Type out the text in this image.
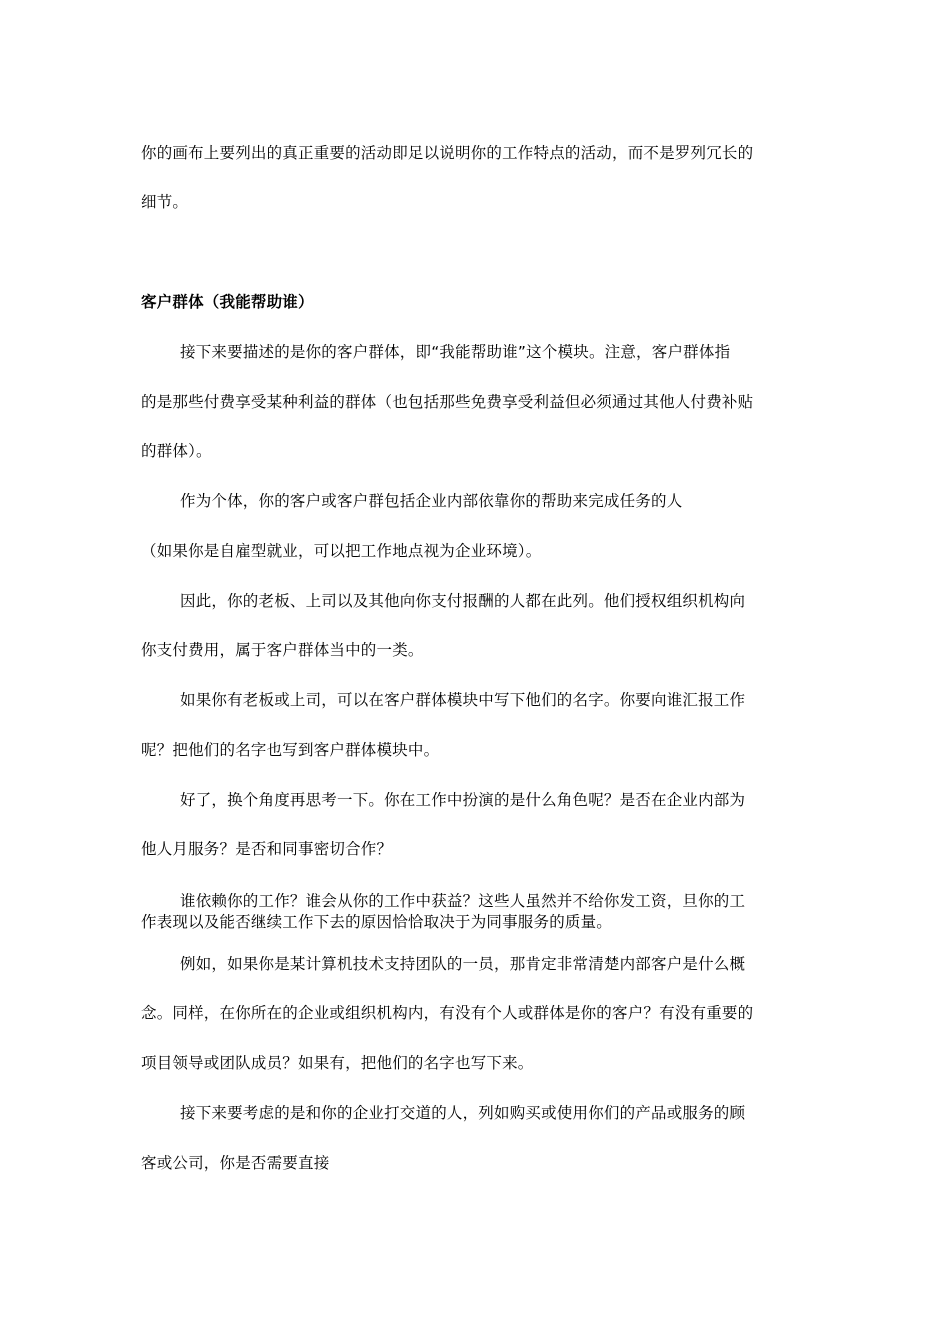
你的画布上要列出的真正重要的活动即足以说明你的工作特点的活动，而不是罗列冗长的
细节。
客户群体（我能帮助谁）
接下来要描述的是你的客户群体，即“我能帮助谁”这个模块。注意，客户群体指
的是那些付费享受某种利益的群体（也包括那些免费享受利益但必须通过其他人付费补贴
的群体）。
作为个体，你的客户或客户群包括企业内部依靠你的帮助来完成任务的人
（如果你是自雇型就业，可以把工作地点视为企业环境）。
因此，你的老板、上司以及其他向你支付报酬的人都在此列。他们授权组织机构向
你支付费用，属于客户群体当中的一类。
如果你有老板或上司，可以在客户群体模块中写下他们的名字。你要向谁汇报工作
呢？把他们的名字也写到客户群体模块中。
好了，换个角度再思考一下。你在工作中扮演的是什么角色呢？是否在企业内部为
他人月服务？是否和同事密切合作？
谁依赖你的工作？谁会从你的工作中获益？这些人虽然并不给你发工资，旦你的工
作表现以及能否继续工作下去的原因恰恰取决于为同事服务的质量。
例如，如果你是某计算机技术支持团队的一员，那肯定非常清楚内部客户是什么概
念。同样，在你所在的企业或组织机构内，有没有个人或群体是你的客户？有没有重要的
项目领导或团队成员？如果有，把他们的名字也写下来。
接下来要考虑的是和你的企业打交道的人，列如购买或使用你们的产品或服务的顾
客或公司，你是否需要直接
